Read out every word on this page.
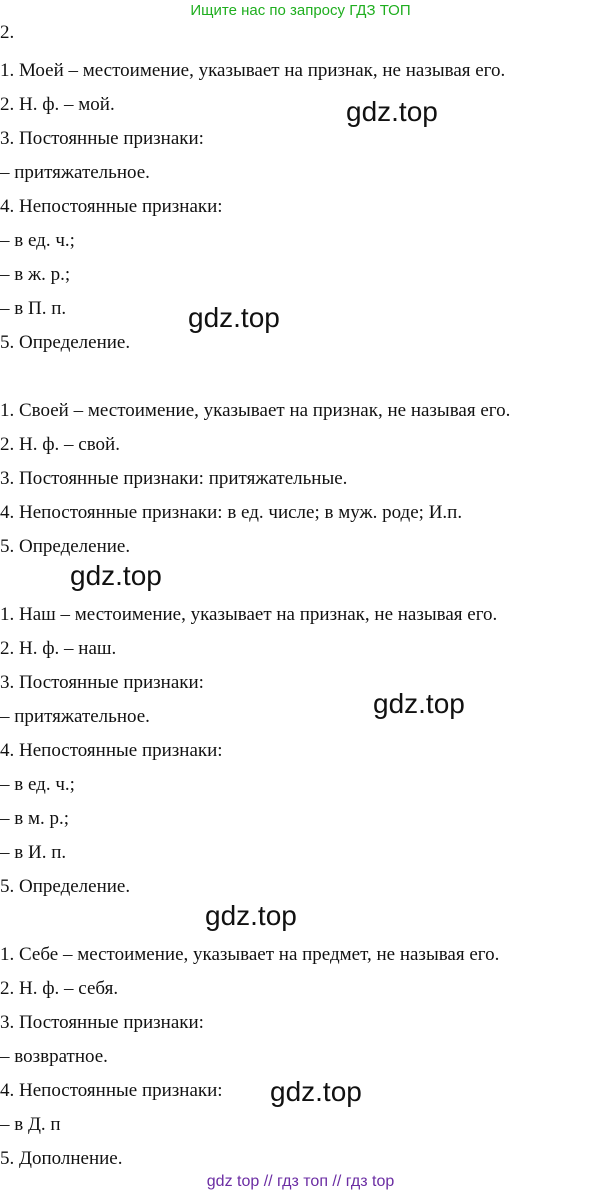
Ищите нас по запросу ГДЗ ТОП
2.
1. Моей – местоимение, указывает на признак, не называя его.
2. Н. ф. – мой.
3. Постоянные признаки:
– притяжательное.
4. Непостоянные признаки:
– в ед. ч.;
– в ж. р.;
– в П. п.
5. Определение.
1. Своей – местоимение, указывает на признак, не называя его.
2. Н. ф. – свой.
3. Постоянные признаки: притяжательные.
4. Непостоянные признаки: в ед. числе; в муж. роде; И.п.
5. Определение.
1. Наш – местоимение, указывает на признак, не называя его.
2. Н. ф. – наш.
3. Постоянные признаки:
– притяжательное.
4. Непостоянные признаки:
– в ед. ч.;
– в м. р.;
– в И. п.
5. Определение.
1. Себе – местоимение, указывает на предмет, не называя его.
2. Н. ф. – себя.
3. Постоянные признаки:
– возвратное.
4. Непостоянные признаки:
– в Д. п
5. Дополнение.
gdz.top
gdz.top
gdz.top
gdz.top
gdz.top
gdz.top
gdz top // гдз топ // гдз top
